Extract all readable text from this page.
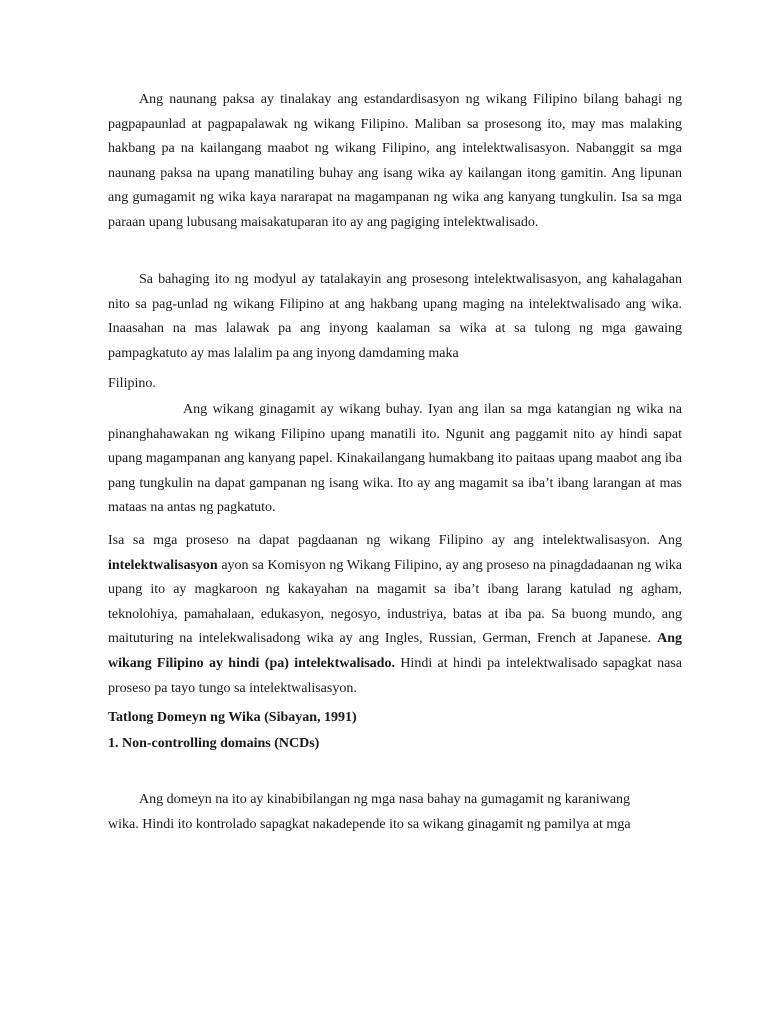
Ang naunang paksa ay tinalakay ang estandardisasyon ng wikang Filipino bilang bahagi ng pagpapaunlad at pagpapalawak ng wikang Filipino. Maliban sa prosesong ito, may mas malaking hakbang pa na kailangang maabot ng wikang Filipino, ang intelektwalisasyon. Nabanggit sa mga naunang paksa na upang manatiling buhay ang isang wika ay kailangan itong gamitin. Ang lipunan ang gumagamit ng wika kaya nararapat na magampanan ng wika ang kanyang tungkulin. Isa sa mga paraan upang lubusang maisakatuparan ito ay ang pagiging intelektwalisado.

Sa bahaging ito ng modyul ay tatalakayin ang prosesong intelektwalisasyon, ang kahalagahan nito sa pag-unlad ng wikang Filipino at ang hakbang upang maging na intelektwalisado ang wika. Inaasahan na mas lalawak pa ang inyong kaalaman sa wika at sa tulong ng mga gawaing pampagkatuto ay mas lalalim pa ang inyong damdaming maka

Filipino.

Ang wikang ginagamit ay wikang buhay. Iyan ang ilan sa mga katangian ng wika na pinanghahawakan ng wikang Filipino upang manatili ito. Ngunit ang paggamit nito ay hindi sapat upang magampanan ang kanyang papel. Kinakailangang humakbang ito paitaas upang maabot ang iba pang tungkulin na dapat gampanan ng isang wika. Ito ay ang magamit sa iba’t ibang larangan at mas mataas na antas ng pagkatuto.

Isa sa mga proseso na dapat pagdaanan ng wikang Filipino ay ang intelektwalisasyon. Ang intelektwalisasyon ayon sa Komisyon ng Wikang Filipino, ay ang proseso na pinagdadaanan ng wika upang ito ay magkaroon ng kakayahan na magamit sa iba’t ibang larang katulad ng agham, teknolohiya, pamahalaan, edukasyon, negosyo, industriya, batas at iba pa. Sa buong mundo, ang maituturing na intelekwalisadong wika ay ang Ingles, Russian, German, French at Japanese. Ang wikang Filipino ay hindi (pa) intelektwalisado. Hindi at hindi pa intelektwalisado sapagkat nasa proseso pa tayo tungo sa intelektwalisasyon.

Tatlong Domeyn ng Wika (Sibayan, 1991)
1. Non-controlling domains (NCDs)
Ang domeyn na ito ay kinabibilangan ng mga nasa bahay na gumagamit ng karaniwang
wika. Hindi ito kontrolado sapagkat nakadepende ito sa wikang ginagamit ng pamilya at mga
